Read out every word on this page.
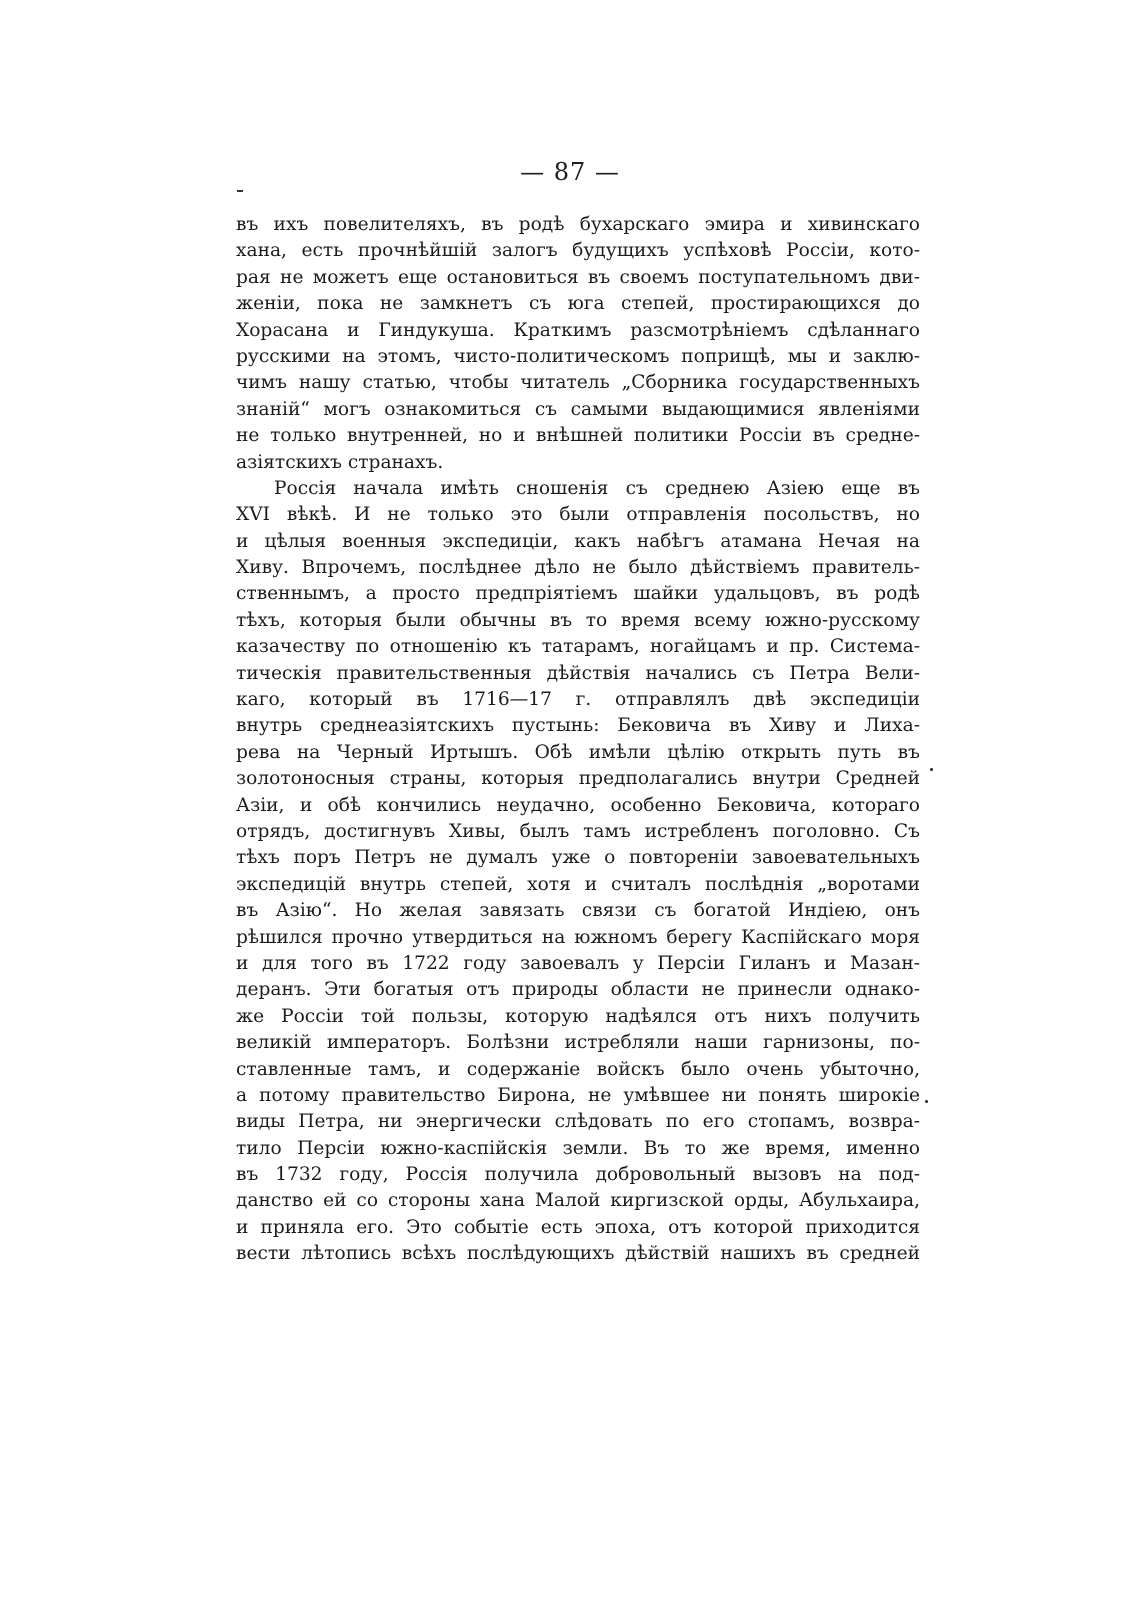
— 87 —
въ ихъ повелителяхъ, въ родѣ бухарскаго эмира и хивинскаго
хана, есть прочнѣйшій залогъ будущихъ успѣховѣ Россіи, кото-
рая не можетъ еще остановиться въ своемъ поступательномъ дви-
женіи, пока не замкнетъ съ юга степей, простирающихся до
Хорасана и Гиндукуша. Краткимъ разсмотрѣніемъ сдѣланнаго
русскими на этомъ, чисто-политическомъ поприщѣ, мы и заклю-
чимъ нашу статью, чтобы читатель „Сборника государственныхъ
знаній“ могъ ознакомиться съ самыми выдающимися явленіями
не только внутренней, но и внѣшней политики Россіи въ средне-
азіятскихъ странахъ.
Россія начала имѣть сношенія съ среднею Азіею еще въ
XVI вѣкѣ. И не только это были отправленія посольствъ, но
и цѣлыя военныя экспедиціи, какъ набѣгъ атамана Нечая на
Хиву. Впрочемъ, послѣднее дѣло не было дѣйствіемъ правитель-
ственнымъ, а просто предпріятіемъ шайки удальцовъ, въ родѣ
тѣхъ, которыя были обычны въ то время всему южно-русскому
казачеству по отношенію къ татарамъ, ногайцамъ и пр. Системa-
тическія правительственныя дѣйствія начались съ Петра Вели-
каго, который въ 1716—17 г. отправлялъ двѣ экспедиціи
внутрь среднеазіятскихъ пустынь: Бековича въ Хиву и Лиха-
рева на Черный Иртышъ. Обѣ имѣли цѣлію открыть путь въ
золотоносныя страны, которыя предполагались внутри Средней
Азіи, и обѣ кончились неудачно, особенно Бековича, котораго
отрядъ, достигнувъ Хивы, былъ тамъ истребленъ поголовно. Съ
тѣхъ поръ Петръ не думалъ уже о повтореніи завоевательныхъ
экспедицій внутрь степей, хотя и считалъ послѣднія „воротами
въ Азію“. Но желая завязать связи съ богатой Индіею, онъ
рѣшился прочно утвердиться на южномъ берегу Каспійскаго моря
и для того въ 1722 году завоевалъ у Персіи Гиланъ и Мазан-
деранъ. Эти богатыя отъ природы области не принесли однако-
же Россіи той пользы, которую надѣялся отъ нихъ получить
великій императоръ. Болѣзни истребляли наши гарнизоны, по-
ставленные тамъ, и содержаніе войскъ было очень убыточно,
а потому правительство Бирона, не умѣвшее ни понять широкіе
виды Петра, ни энергически слѣдовать по его стопамъ, возвра-
тило Персіи южно-каспійскія земли. Въ то же время, именно
въ 1732 году, Россія получила добровольный вызовъ на под-
данство ей со стороны хана Малой киргизской орды, Абульхаира,
и приняла его. Это событіе есть эпоха, отъ которой приходится
вести лѣтопись всѣхъ послѣдующихъ дѣйствій нашихъ въ средней
